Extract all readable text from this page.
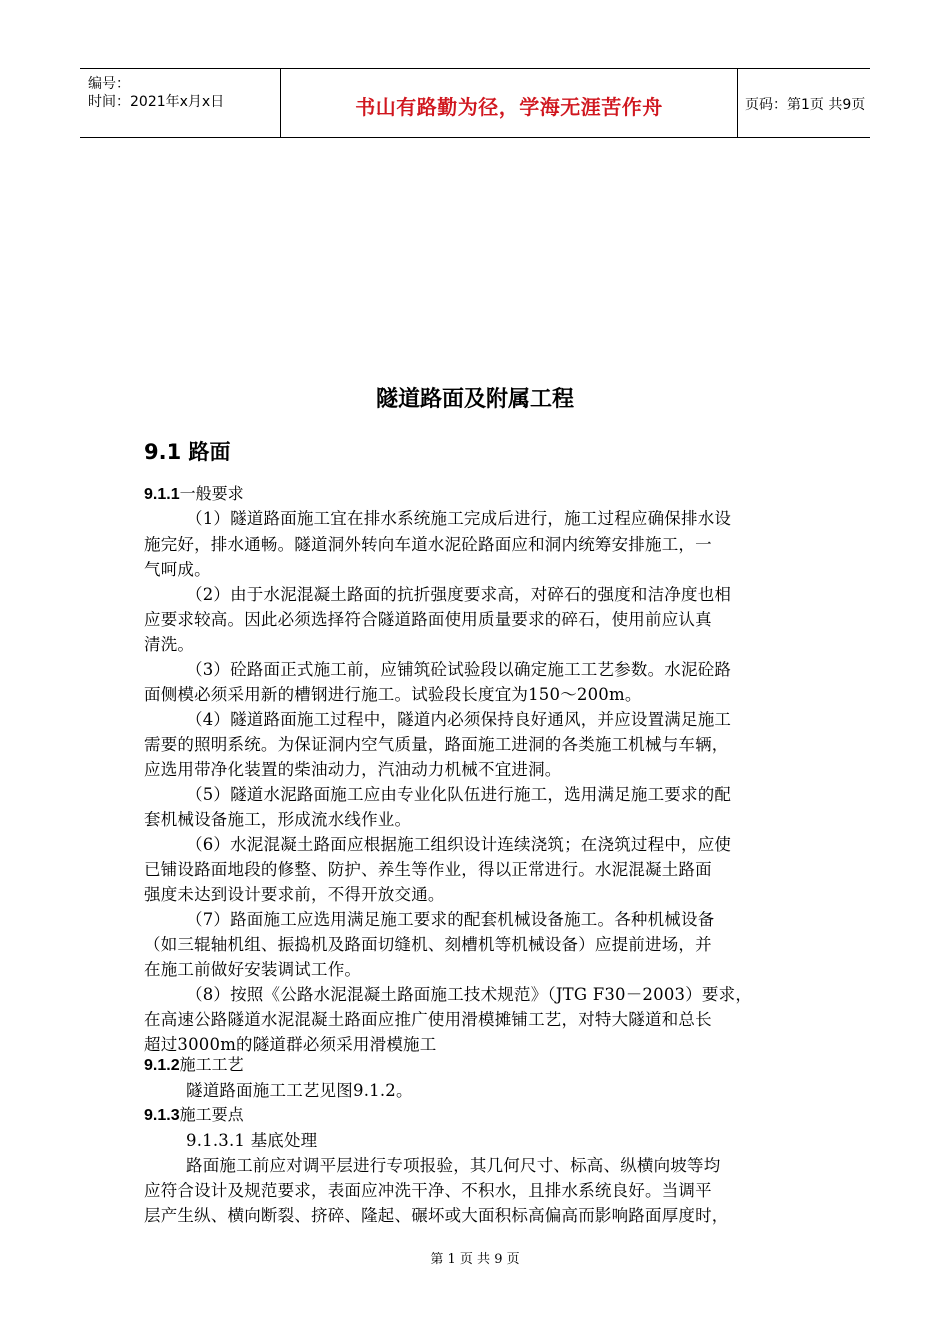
编号：
时间：2021年x月x日	书山有路勤为径，学海无涯苦作舟	页码：第1页 共9页
隧道路面及附属工程
9.1 路面
9.1.1一般要求
（1）隧道路面施工宜在排水系统施工完成后进行，施工过程应确保排水设
施完好，排水通畅。隧道洞外转向车道水泥砼路面应和洞内统筹安排施工，一
气呵成。
（2）由于水泥混凝土路面的抗折强度要求高，对碎石的强度和洁净度也相
应要求较高。因此必须选择符合隧道路面使用质量要求的碎石，使用前应认真
清洗。
（3）砼路面正式施工前，应铺筑砼试验段以确定施工工艺参数。水泥砼路
面侧模必须采用新的槽钢进行施工。试验段长度宜为150～200m。
（4）隧道路面施工过程中，隧道内必须保持良好通风，并应设置满足施工
需要的照明系统。为保证洞内空气质量，路面施工进洞的各类施工机械与车辆，
应选用带净化装置的柴油动力，汽油动力机械不宜进洞。
（5）隧道水泥路面施工应由专业化队伍进行施工，选用满足施工要求的配
套机械设备施工，形成流水线作业。
（6）水泥混凝土路面应根据施工组织设计连续浇筑；在浇筑过程中，应使
已铺设路面地段的修整、防护、养生等作业，得以正常进行。水泥混凝土路面
强度未达到设计要求前，不得开放交通。
（7）路面施工应选用满足施工要求的配套机械设备施工。各种机械设备
（如三辊轴机组、振捣机及路面切缝机、刻槽机等机械设备）应提前进场，并
在施工前做好安装调试工作。
（8）按照《公路水泥混凝土路面施工技术规范》（JTG F30－2003）要求，
在高速公路隧道水泥混凝土路面应推广使用滑模摊铺工艺，对特大隧道和总长
超过3000m的隧道群必须采用滑模施工
9.1.2施工工艺
隧道路面施工工艺见图9.1.2。
9.1.3施工要点
9.1.3.1 基底处理
路面施工前应对调平层进行专项报验，其几何尺寸、标高、纵横向坡等均
应符合设计及规范要求，表面应冲洗干净、不积水，且排水系统良好。当调平
层产生纵、横向断裂、挤碎、隆起、碾坏或大面积标高偏高而影响路面厚度时，
第 1 页 共 9 页
